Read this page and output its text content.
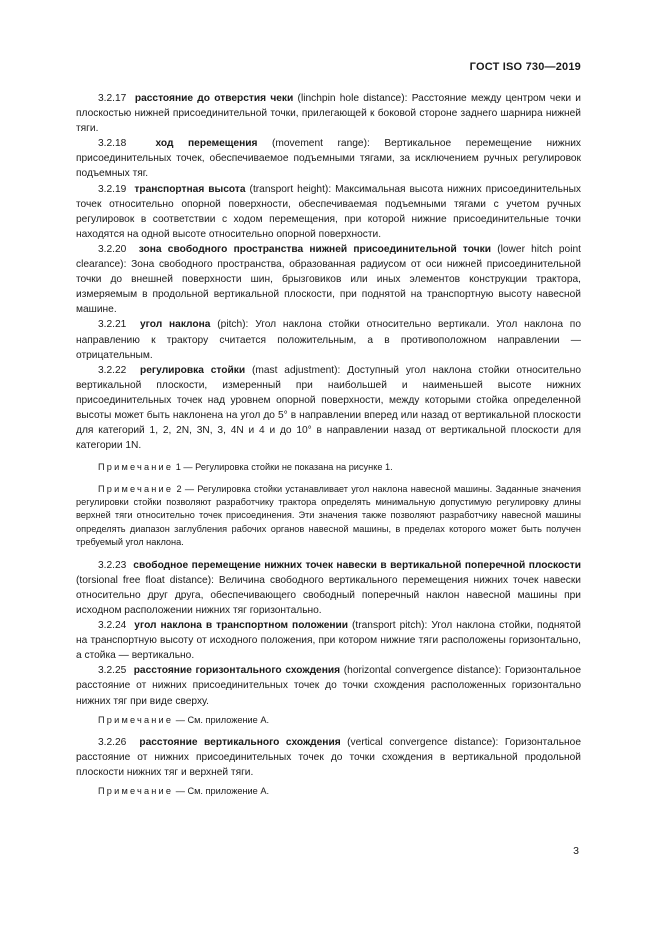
ГОСТ ISO 730—2019

3.2.17 расстояние до отверстия чеки (linchpin hole distance): Расстояние между центром чеки и плоскостью нижней присоединительной точки, прилегающей к боковой стороне заднего шарнира нижней тяги.

3.2.18	ход перемещения (movement range): Вертикальное перемещение нижних присоединительных точек, обеспечиваемое подъемными тягами, за исключением ручных регулировок подъемных тяг.

3.2.19 транспортная высота (transport height): Максимальная высота нижних присоединительных точек относительно опорной поверхности, обеспечиваемая подъемными тягами с учетом ручных регулировок в соответствии с ходом перемещения, при которой нижние присоединительные точки находятся на одной высоте относительно опорной поверхности.

3.2.20 зона свободного пространства нижней присоединительной точки (lower hitch point clearance): Зона свободного пространства, образованная радиусом от оси нижней присоединительной точки до внешней поверхности шин, брызговиков или иных элементов конструкции трактора, измеряемым в продольной вертикальной плоскости, при поднятой на транспортную высоту навесной машине.

3.2.21 угол наклона (pitch): Угол наклона стойки относительно вертикали. Угол наклона по направлению к трактору считается положительным, а в противоположном направлении — отрицательным.

3.2.22 регулировка стойки (mast adjustment): Доступный угол наклона стойки относительно вертикальной плоскости, измеренный при наибольшей и наименьшей высоте нижних присоединительных точек над уровнем опорной поверхности, между которыми стойка определенной высоты может быть наклонена на угол до 5° в направлении вперед или назад от вертикальной плоскости для категорий 1, 2, 2N, 3N, 3, 4N и 4 и до 10° в направлении назад от вертикальной плоскости для категории 1N.

Примечание 1 — Регулировка стойки не показана на рисунке 1.

Примечание 2 — Регулировка стойки устанавливает угол наклона навесной машины. Заданные значения регулировки стойки позволяют разработчику трактора определять минимальную допустимую регулировку длины верхней тяги относительно точек присоединения. Эти значения также позволяют разработчику навесной машины определять диапазон заглубления рабочих органов навесной машины, в пределах которого может быть получен требуемый угол наклона.

3.2.23 свободное перемещение нижних точек навески в вертикальной поперечной плоскости (torsional free float distance): Величина свободного вертикального перемещения нижних точек навески относительно друг друга, обеспечивающего свободный поперечный наклон навесной машины при исходном расположении нижних тяг горизонтально.

3.2.24 угол наклона в транспортном положении (transport pitch): Угол наклона стойки, поднятой на транспортную высоту от исходного положения, при котором нижние тяги расположены горизонтально, а стойка — вертикально.

3.2.25 расстояние горизонтального схождения (horizontal convergence distance): Горизонтальное расстояние от нижних присоединительных точек до точки схождения расположенных горизонтально нижних тяг при виде сверху.

Примечание — См. приложение А.

3.2.26 расстояние вертикального схождения (vertical convergence distance): Горизонтальное расстояние от нижних присоединительных точек до точки схождения в вертикальной продольной плоскости нижних тяг и верхней тяги.

Примечание — См. приложение А.

3
